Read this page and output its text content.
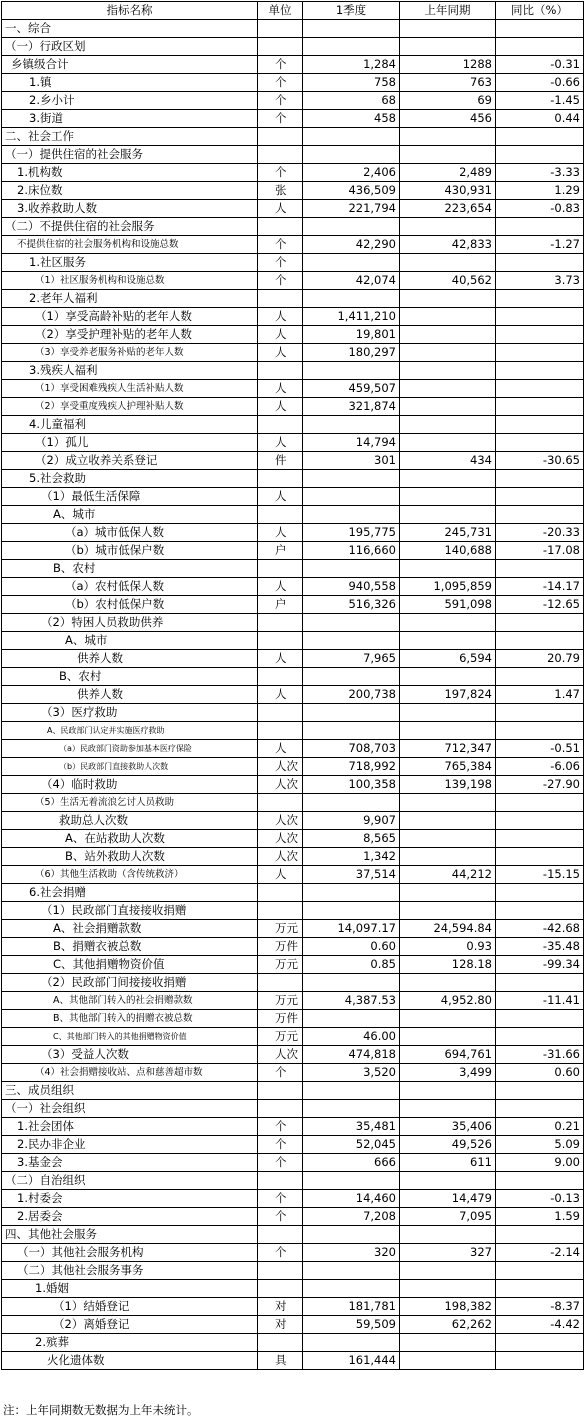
指标名称	单位	1季度	上年同期	同比（%）
一、综合				
（一）行政区划				
乡镇级合计	个	1,284	1288	-0.31
1.镇	个	758	763	-0.66
2.乡小计	个	68	69	-1.45
3.街道	个	458	456	0.44
二、社会工作				
（一）提供住宿的社会服务				
1.机构数	个	2,406	2,489	-3.33
2.床位数	张	436,509	430,931	1.29
3.收养救助人数	人	221,794	223,654	-0.83
（二）不提供住宿的社会服务				
不提供住宿的社会服务机构和设施总数	个	42,290	42,833	-1.27
1.社区服务	个			
（1）社区服务机构和设施总数	个	42,074	40,562	3.73
2.老年人福利				
（1）享受高龄补贴的老年人数	人	1,411,210		
（2）享受护理补贴的老年人数	人	19,801		
（3）享受养老服务补贴的老年人数	人	180,297		
3.残疾人福利				
（1）享受困难残疾人生活补贴人数	人	459,507		
（2）享受重度残疾人护理补贴人数	人	321,874		
4.儿童福利				
（1）孤儿	人	14,794		
（2）成立收养关系登记	件	301	434	-30.65
5.社会救助				
（1）最低生活保障	人			
A、城市				
（a）城市低保人数	人	195,775	245,731	-20.33
（b）城市低保户数	户	116,660	140,688	-17.08
B、农村				
（a）农村低保人数	人	940,558	1,095,859	-14.17
（b）农村低保户数	户	516,326	591,098	-12.65
（2）特困人员救助供养				
A、城市				
供养人数	人	7,965	6,594	20.79
B、农村				
供养人数	人	200,738	197,824	1.47
（3）医疗救助				
A、民政部门认定并实施医疗救助				
（a）民政部门资助参加基本医疗保险	人	708,703	712,347	-0.51
（b）民政部门直接救助人次数	人次	718,992	765,384	-6.06
（4）临时救助	人次	100,358	139,198	-27.90
（5）生活无着流浪乞讨人员救助				
救助总人次数	人次	9,907		
A、在站救助人次数	人次	8,565		
B、站外救助人次数	人次	1,342		
（6）其他生活救助（含传统救济）	人	37,514	44,212	-15.15
6.社会捐赠				
（1）民政部门直接接收捐赠				
A、社会捐赠款数	万元	14,097.17	24,594.84	-42.68
B、捐赠衣被总数	万件	0.60	0.93	-35.48
C、其他捐赠物资价值	万元	0.85	128.18	-99.34
（2）民政部门间接接收捐赠				
A、其他部门转入的社会捐赠款数	万元	4,387.53	4,952.80	-11.41
B、其他部门转入的捐赠衣被总数	万件			
C、其他部门转入的其他捐赠物资价值	万元	46.00		
（3）受益人次数	人次	474,818	694,761	-31.66
（4）社会捐赠接收站、点和慈善超市数	个	3,520	3,499	0.60
三、成员组织				
（一）社会组织				
1.社会团体	个	35,481	35,406	0.21
2.民办非企业	个	52,045	49,526	5.09
3.基金会	个	666	611	9.00
（二）自治组织				
1.村委会	个	14,460	14,479	-0.13
2.居委会	个	7,208	7,095	1.59
四、其他社会服务				
（一）其他社会服务机构	个	320	327	-2.14
（二）其他社会服务事务				
1.婚姻				
（1）结婚登记	对	181,781	198,382	-8.37
（2）离婚登记	对	59,509	62,262	-4.42
2.殡葬				
火化遗体数	具	161,444		
注：上年同期数无数据为上年未统计。
